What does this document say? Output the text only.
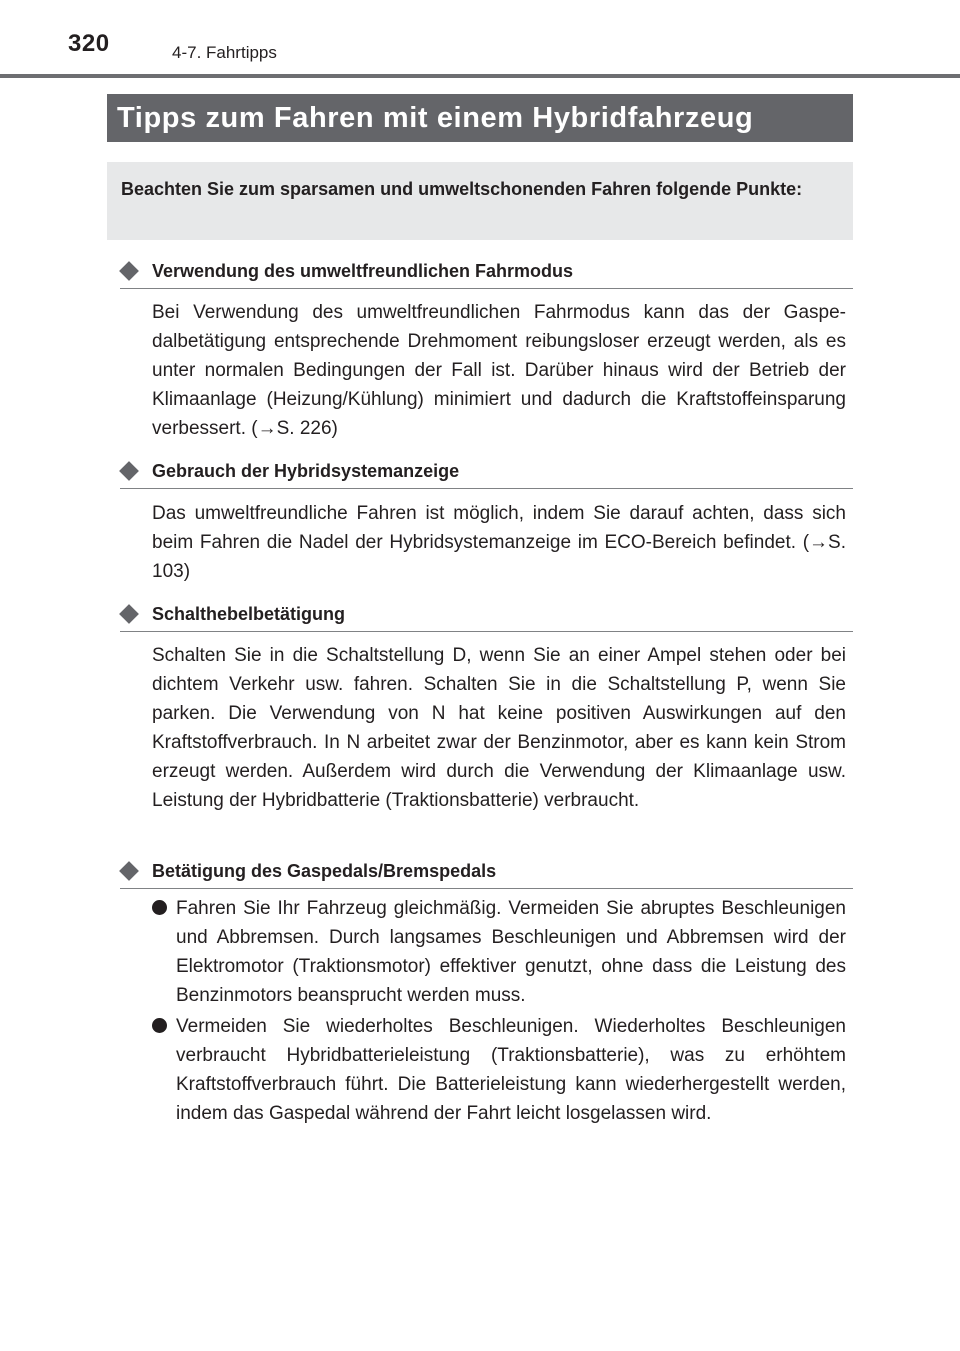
320	4-7. Fahrtipps
Tipps zum Fahren mit einem Hybridfahrzeug
Beachten Sie zum sparsamen und umweltschonenden Fahren folgende Punkte:
Verwendung des umweltfreundlichen Fahrmodus
Bei Verwendung des umweltfreundlichen Fahrmodus kann das der Gaspedalbetätigung entsprechende Drehmoment reibungsloser erzeugt werden, als es unter normalen Bedingungen der Fall ist. Darüber hinaus wird der Betrieb der Klimaanlage (Heizung/Kühlung) minimiert und dadurch die Kraftstoffeinsparung verbessert. (→S. 226)
Gebrauch der Hybridsystemanzeige
Das umweltfreundliche Fahren ist möglich, indem Sie darauf achten, dass sich beim Fahren die Nadel der Hybridsystemanzeige im ECO-Bereich befindet. (→S. 103)
Schalthebelbetätigung
Schalten Sie in die Schaltstellung D, wenn Sie an einer Ampel stehen oder bei dichtem Verkehr usw. fahren. Schalten Sie in die Schaltstellung P, wenn Sie parken. Die Verwendung von N hat keine positiven Auswirkungen auf den Kraftstoffverbrauch. In N arbeitet zwar der Benzinmotor, aber es kann kein Strom erzeugt werden. Außerdem wird durch die Verwendung der Klimaanlage usw. Leistung der Hybridbatterie (Traktionsbatterie) verbraucht.
Betätigung des Gaspedals/Bremspedals
Fahren Sie Ihr Fahrzeug gleichmäßig. Vermeiden Sie abruptes Beschleunigen und Abbremsen. Durch langsames Beschleunigen und Abbremsen wird der Elektromotor (Traktionsmotor) effektiver genutzt, ohne dass die Leistung des Benzinmotors beansprucht werden muss.
Vermeiden Sie wiederholtes Beschleunigen. Wiederholtes Beschleunigen verbraucht Hybridbatterieleistung (Traktionsbatterie), was zu erhöhtem Kraftstoffverbrauch führt. Die Batterieleistung kann wiederhergestellt werden, indem das Gaspedal während der Fahrt leicht losgelassen wird.
